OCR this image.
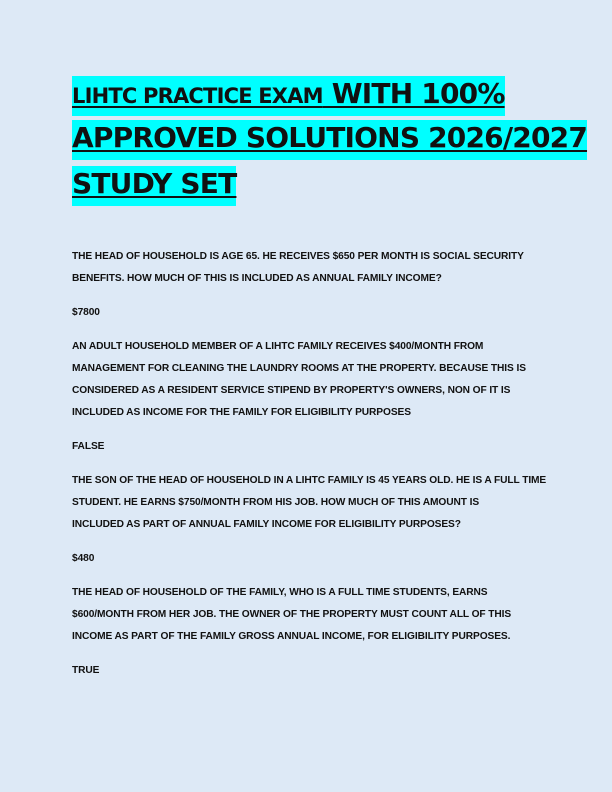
LIHTC PRACTICE EXAM WITH 100%
APPROVED SOLUTIONS 2026/2027
STUDY SET
THE HEAD OF HOUSEHOLD IS AGE 65. HE RECEIVES $650 PER MONTH IS SOCIAL SECURITY
BENEFITS. HOW MUCH OF THIS IS INCLUDED AS ANNUAL FAMILY INCOME?
$7800
AN ADULT HOUSEHOLD MEMBER OF A LIHTC FAMILY RECEIVES $400/MONTH FROM
MANAGEMENT FOR CLEANING THE LAUNDRY ROOMS AT THE PROPERTY. BECAUSE THIS IS
CONSIDERED AS A RESIDENT SERVICE STIPEND BY PROPERTY'S OWNERS, NON OF IT IS
INCLUDED AS INCOME FOR THE FAMILY FOR ELIGIBILITY PURPOSES
FALSE
THE SON OF THE HEAD OF HOUSEHOLD IN A LIHTC FAMILY IS 45 YEARS OLD. HE IS A FULL TIME
STUDENT. HE EARNS $750/MONTH FROM HIS JOB. HOW MUCH OF THIS AMOUNT IS
INCLUDED AS PART OF ANNUAL FAMILY INCOME FOR ELIGIBILITY PURPOSES?
$480
THE HEAD OF HOUSEHOLD OF THE FAMILY, WHO IS A FULL TIME STUDENTS, EARNS
$600/MONTH FROM HER JOB. THE OWNER OF THE PROPERTY MUST COUNT ALL OF THIS
INCOME AS PART OF THE FAMILY GROSS ANNUAL INCOME, FOR ELIGIBILITY PURPOSES.
TRUE
